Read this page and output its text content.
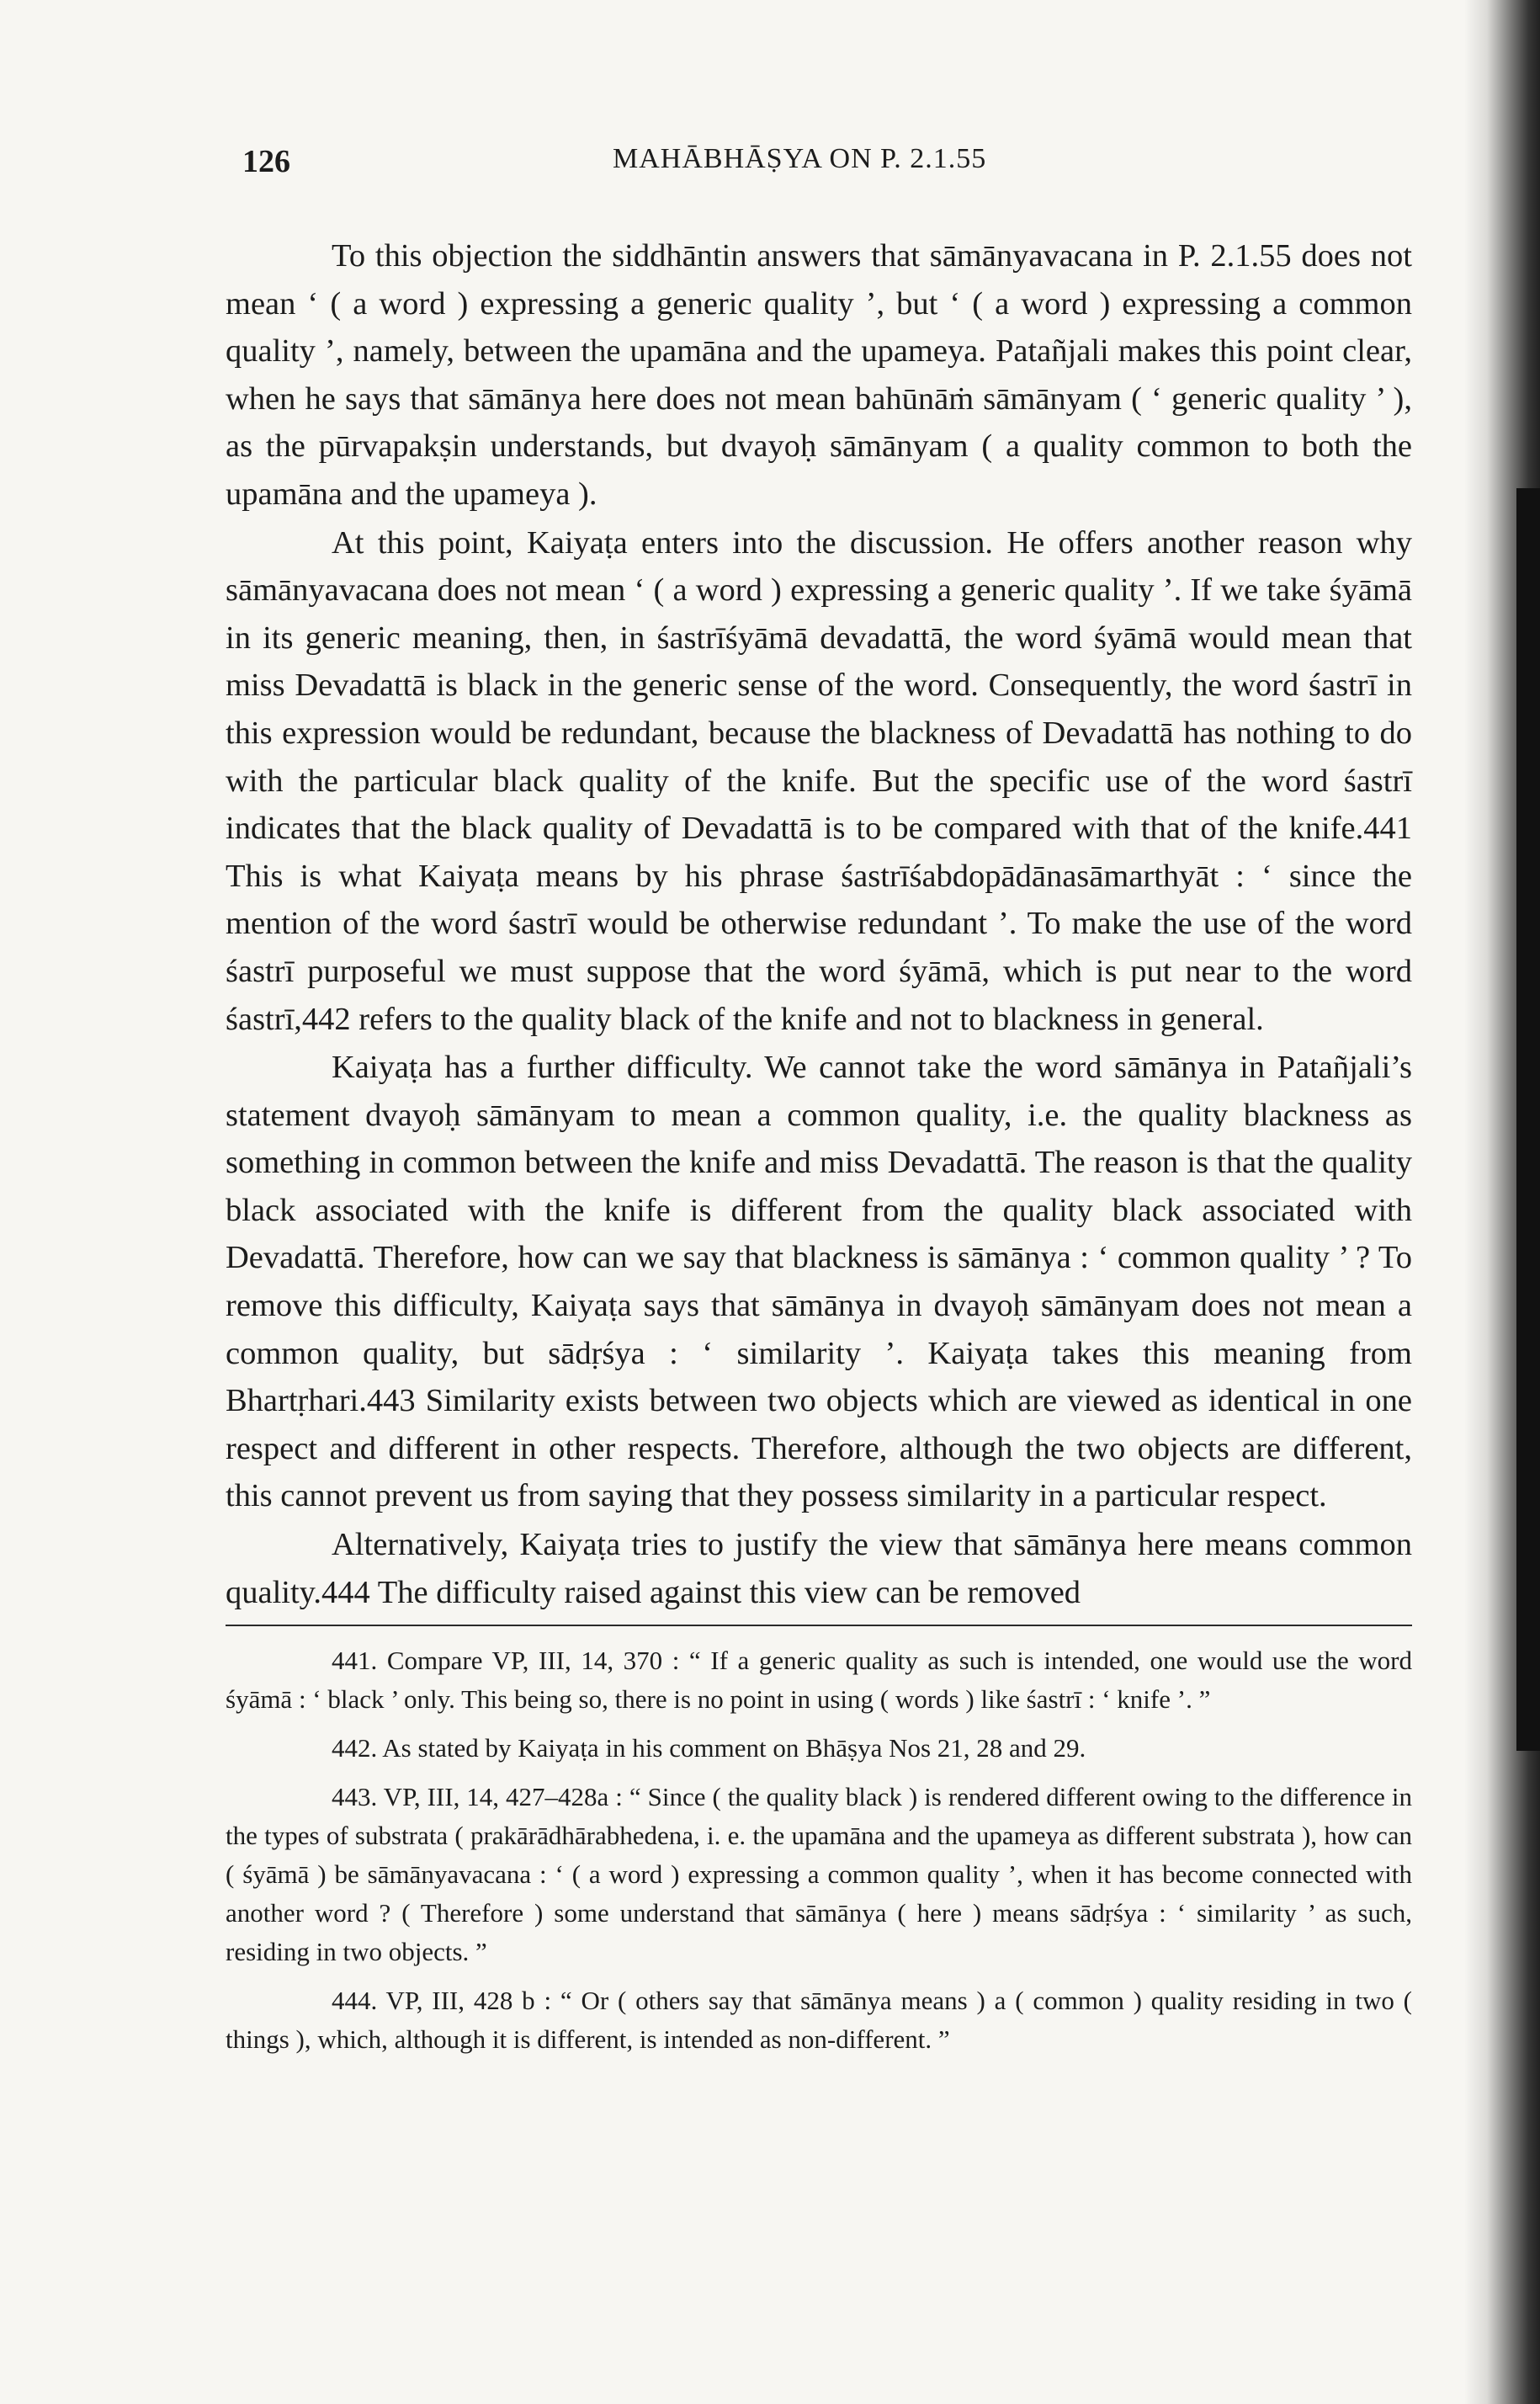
126	MAHĀBHĀṢYA ON P. 2.1.55

To this objection the siddhāntin answers that sāmānyavacana in P. 2.1.55 does not mean ‘ ( a word ) expressing a generic quality ’, but ‘ ( a word ) expressing a common quality ’, namely, between the upamāna and the upameya. Patañjali makes this point clear, when he says that sāmānya here does not mean bahūnāṁ sāmānyam ( ‘ generic quality ’ ), as the pūrvapakṣin understands, but dvayoḥ sāmānyam ( a quality common to both the upamāna and the upameya ).

At this point, Kaiyaṭa enters into the discussion. He offers another reason why sāmānyavacana does not mean ‘ ( a word ) expressing a generic quality ’. If we take śyāmā in its generic meaning, then, in śastrīśyāmā devadattā, the word śyāmā would mean that miss Devadattā is black in the generic sense of the word. Consequently, the word śastrī in this expression would be redundant, because the blackness of Devadattā has nothing to do with the particular black quality of the knife. But the specific use of the word śastrī indicates that the black quality of Devadattā is to be compared with that of the knife.441 This is what Kaiyaṭa means by his phrase śastrīśabdopādānasāmarthyāt : ‘ since the mention of the word śastrī would be otherwise redundant ’. To make the use of the word śastrī purposeful we must suppose that the word śyāmā, which is put near to the word śastrī,442 refers to the quality black of the knife and not to blackness in general.

Kaiyaṭa has a further difficulty. We cannot take the word sāmānya in Patañjali’s statement dvayoḥ sāmānyam to mean a common quality, i.e. the quality blackness as something in common between the knife and miss Devadattā. The reason is that the quality black associated with the knife is different from the quality black associated with Devadattā. Therefore, how can we say that blackness is sāmānya : ‘ common quality ’ ? To remove this difficulty, Kaiyaṭa says that sāmānya in dvayoḥ sāmānyam does not mean a common quality, but sādṛśya : ‘ similarity ’. Kaiyaṭa takes this meaning from Bhartṛhari.443 Similarity exists between two objects which are viewed as identical in one respect and different in other respects. Therefore, although the two objects are different, this cannot prevent us from saying that they possess similarity in a particular respect.

Alternatively, Kaiyaṭa tries to justify the view that sāmānya here means common quality.444 The difficulty raised against this view can be removed

441. Compare VP, III, 14, 370 : “ If a generic quality as such is intended, one would use the word śyāmā : ‘ black ’ only. This being so, there is no point in using ( words ) like śastrī : ‘ knife ’. ”

442. As stated by Kaiyaṭa in his comment on Bhāṣya Nos 21, 28 and 29.

443. VP, III, 14, 427–428a : “ Since ( the quality black ) is rendered different owing to the difference in the types of substrata ( prakārādhārabhedena, i. e. the upamāna and the upameya as different substrata ), how can ( śyāmā ) be sāmānyavacana : ‘ ( a word ) expressing a common quality ’, when it has become connected with another word ? ( Therefore ) some understand that sāmānya ( here ) means sādṛśya : ‘ similarity ’ as such, residing in two objects. ”

444. VP, III, 428 b : “ Or ( others say that sāmānya means ) a ( common ) quality residing in two ( things ), which, although it is different, is intended as non-different. ”
